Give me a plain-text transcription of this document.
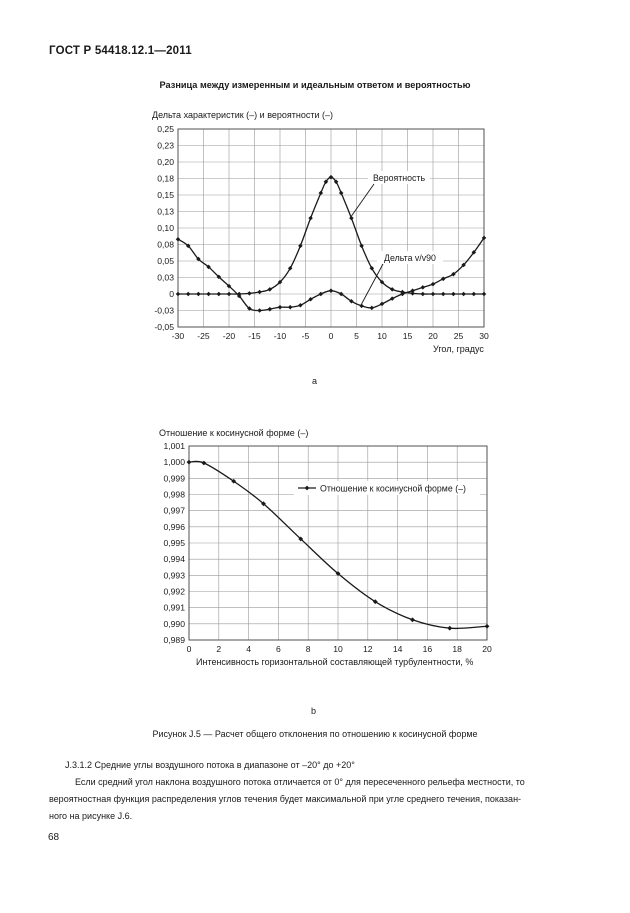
ГОСТ Р 54418.12.1—2011
Разница между измеренным и идеальным ответом и вероятностью
Дельта характеристик (–) и вероятности (–)
0,25
0,23
0,20
0,18
0,15
0,13
0,10
0,08
0,05
0,03
0
-0,03
-0,05
-30 -25 -20 -15 -10 -5 0 5 10 15 20 25 30
Вероятность
Дельта v/v90
Угол, градус
a
Отношение к косинусной форме (–)
1,001
1,000
0,999
0,998
0,997
0,996
0,995
0,994
0,993
0,992
0,991
0,990
0,989
0	2	4	6	8	10 12 14 16 18 20
Отношение к косинусной форме (–)
Интенсивность горизонтальной составляющей турбулентности, %
b
Рисунок J.5 — Расчет общего отклонения по отношению к косинусной форме
J.3.1.2 Средние углы воздушного потока в диапазоне от –20° до +20°
Если средний угол наклона воздушного потока отличается от 0° для пересеченного рельефа местности, то
вероятностная функция распределения углов течения будет максимальной при угле среднего течения, показан-
ного на рисунке J.6.
68
